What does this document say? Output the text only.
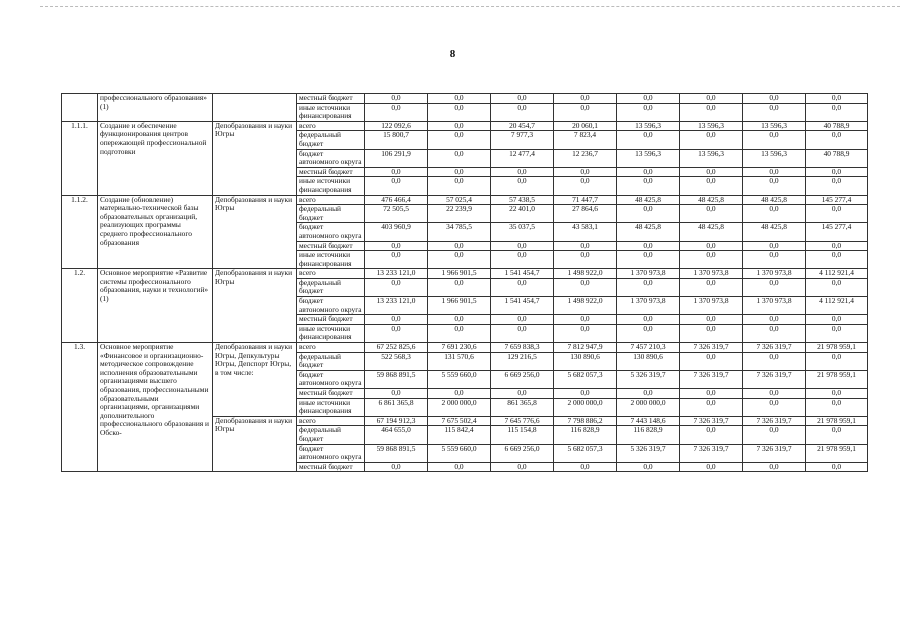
8
	профессионального образования» (1)		местный бюджет	0,0	0,0	0,0	0,0	0,0	0,0	0,0	0,0
			иные источники финансирования	0,0	0,0	0,0	0,0	0,0	0,0	0,0	0,0
1.1.1.	Создание и обеспечение функционирования центров опережающей профессиональной подготовки	Депобразования и науки Югры	всего	122 092,6	0,0	20 454,7	20 060,1	13 596,3	13 596,3	13 596,3	40 788,9
			федеральный бюджет	15 800,7	0,0	7 977,3	7 823,4	0,0	0,0	0,0	0,0
			бюджет автономного округа	106 291,9	0,0	12 477,4	12 236,7	13 596,3	13 596,3	13 596,3	40 788,9
			местный бюджет	0,0	0,0	0,0	0,0	0,0	0,0	0,0	0,0
			иные источники финансирования	0,0	0,0	0,0	0,0	0,0	0,0	0,0	0,0
1.1.2.	Создание (обновление) материально-технической базы образовательных организаций, реализующих программы среднего профессионального образования	Депобразования и науки Югры	всего	476 466,4	57 025,4	57 438,5	71 447,7	48 425,8	48 425,8	48 425,8	145 277,4
			федеральный бюджет	72 505,5	22 239,9	22 401,0	27 864,6	0,0	0,0	0,0	0,0
			бюджет автономного округа	403 960,9	34 785,5	35 037,5	43 583,1	48 425,8	48 425,8	48 425,8	145 277,4
			местный бюджет	0,0	0,0	0,0	0,0	0,0	0,0	0,0	0,0
			иные источники финансирования	0,0	0,0	0,0	0,0	0,0	0,0	0,0	0,0
1.2.	Основное мероприятие «Развитие системы профессионального образования, науки и технологий» (1)	Депобразования и науки Югры	всего	13 233 121,0	1 966 901,5	1 541 454,7	1 498 922,0	1 370 973,8	1 370 973,8	1 370 973,8	4 112 921,4
			федеральный бюджет	0,0	0,0	0,0	0,0	0,0	0,0	0,0	0,0
			бюджет автономного округа	13 233 121,0	1 966 901,5	1 541 454,7	1 498 922,0	1 370 973,8	1 370 973,8	1 370 973,8	4 112 921,4
			местный бюджет	0,0	0,0	0,0	0,0	0,0	0,0	0,0	0,0
			иные источники финансирования	0,0	0,0	0,0	0,0	0,0	0,0	0,0	0,0
1.3.	Основное мероприятие «Финансовое и организационно-методическое сопровождение исполнения образовательными организациями высшего образования, профессиональными образовательными организациями, организациями дополнительного профессионального образования и Обско-	Депобразования и науки Югры, Депкультуры Югры, Депспорт Югры, в том числе:	всего	67 252 825,6	7 691 230,6	7 659 838,3	7 812 947,9	7 457 210,3	7 326 319,7	7 326 319,7	21 978 959,1
			федеральный бюджет	522 568,3	131 570,6	129 216,5	130 890,6	130 890,6	0,0	0,0	0,0
			бюджет автономного округа	59 868 891,5	5 559 660,0	6 669 256,0	5 682 057,3	5 326 319,7	7 326 319,7	7 326 319,7	21 978 959,1
			местный бюджет	0,0	0,0	0,0	0,0	0,0	0,0	0,0	0,0
			иные источники финансирования	6 861 365,8	2 000 000,0	861 365,8	2 000 000,0	2 000 000,0	0,0	0,0	0,0
		Депобразования и науки Югры	всего	67 194 912,3	7 675 502,4	7 645 776,6	7 798 886,2	7 443 148,6	7 326 319,7	7 326 319,7	21 978 959,1
			федеральный бюджет	464 655,0	115 842,4	115 154,8	116 828,9	116 828,9	0,0	0,0	0,0
			бюджет автономного округа	59 868 891,5	5 559 660,0	6 669 256,0	5 682 057,3	5 326 319,7	7 326 319,7	7 326 319,7	21 978 959,1
			местный бюджет	0,0	0,0	0,0	0,0	0,0	0,0	0,0	0,0
